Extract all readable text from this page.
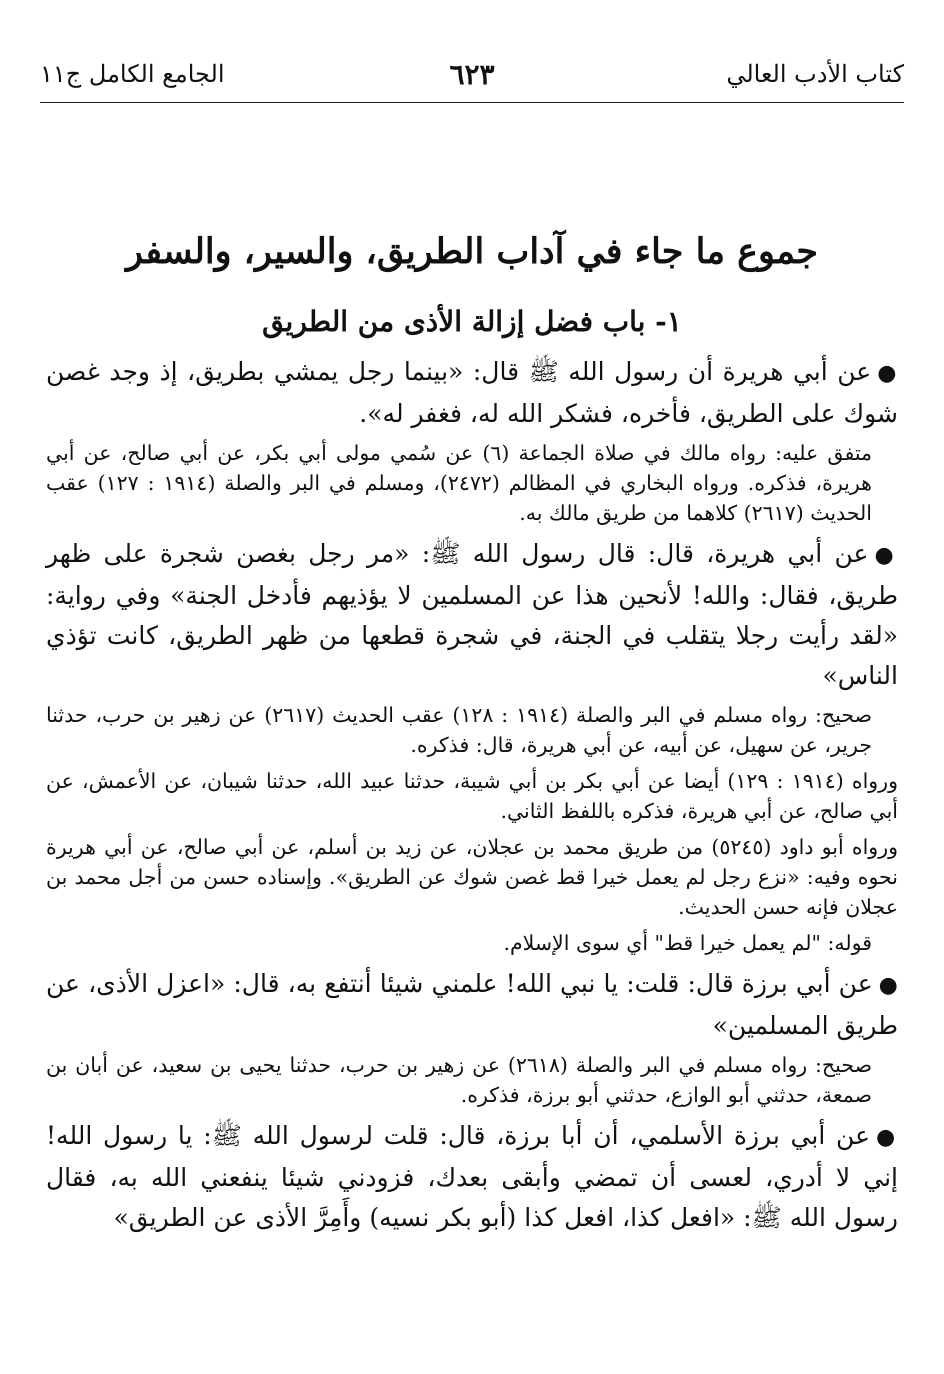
كتاب الأدب العالي
٦٢٣
الجامع الكامل ج١١
جموع ما جاء في آداب الطريق، والسير، والسفر
١- باب فضل إزالة الأذى من الطريق

●عن أبي هريرة أن رسول الله ﷺ قال: «بينما رجل يمشي بطريق، إذ وجد غصن شوك على الطريق، فأخره، فشكر الله له، فغفر له».

متفق عليه: رواه مالك في صلاة الجماعة (٦) عن سُمي مولى أبي بكر، عن أبي صالح، عن أبي هريرة، فذكره. ورواه البخاري في المظالم (٢٤٧٢)، ومسلم في البر والصلة (١٩١٤ : ١٢٧) عقب الحديث (٢٦١٧) كلاهما من طريق مالك به.

●عن أبي هريرة، قال: قال رسول الله ﷺ: «مر رجل بغصن شجرة على ظهر طريق، فقال: والله! لأنحين هذا عن المسلمين لا يؤذيهم فأدخل الجنة» وفي رواية: «لقد رأيت رجلا يتقلب في الجنة، في شجرة قطعها من ظهر الطريق، كانت تؤذي الناس»

صحيح: رواه مسلم في البر والصلة (١٩١٤ : ١٢٨) عقب الحديث (٢٦١٧) عن زهير بن حرب، حدثنا جرير، عن سهيل، عن أبيه، عن أبي هريرة، قال: فذكره.

ورواه (١٩١٤ : ١٢٩) أيضا عن أبي بكر بن أبي شيبة، حدثنا عبيد الله، حدثنا شيبان، عن الأعمش، عن أبي صالح، عن أبي هريرة، فذكره باللفظ الثاني.

ورواه أبو داود (٥٢٤٥) من طريق محمد بن عجلان، عن زيد بن أسلم، عن أبي صالح، عن أبي هريرة نحوه وفيه: «نزع رجل لم يعمل خيرا قط غصن شوك عن الطريق». وإسناده حسن من أجل محمد بن عجلان فإنه حسن الحديث.

قوله: "لم يعمل خيرا قط" أي سوى الإسلام.

●عن أبي برزة قال: قلت: يا نبي الله! علمني شيئا أنتفع به، قال: «اعزل الأذى، عن طريق المسلمين»

صحيح: رواه مسلم في البر والصلة (٢٦١٨) عن زهير بن حرب، حدثنا يحيى بن سعيد، عن أبان بن صمعة، حدثني أبو الوازع، حدثني أبو برزة، فذكره.

●عن أبي برزة الأسلمي، أن أبا برزة، قال: قلت لرسول الله ﷺ: يا رسول الله! إني لا أدري، لعسى أن تمضي وأبقى بعدك، فزودني شيئا ينفعني الله به، فقال رسول الله ﷺ: «افعل كذا، افعل كذا (أبو بكر نسيه) وأَمِرَّ الأذى عن الطريق»
